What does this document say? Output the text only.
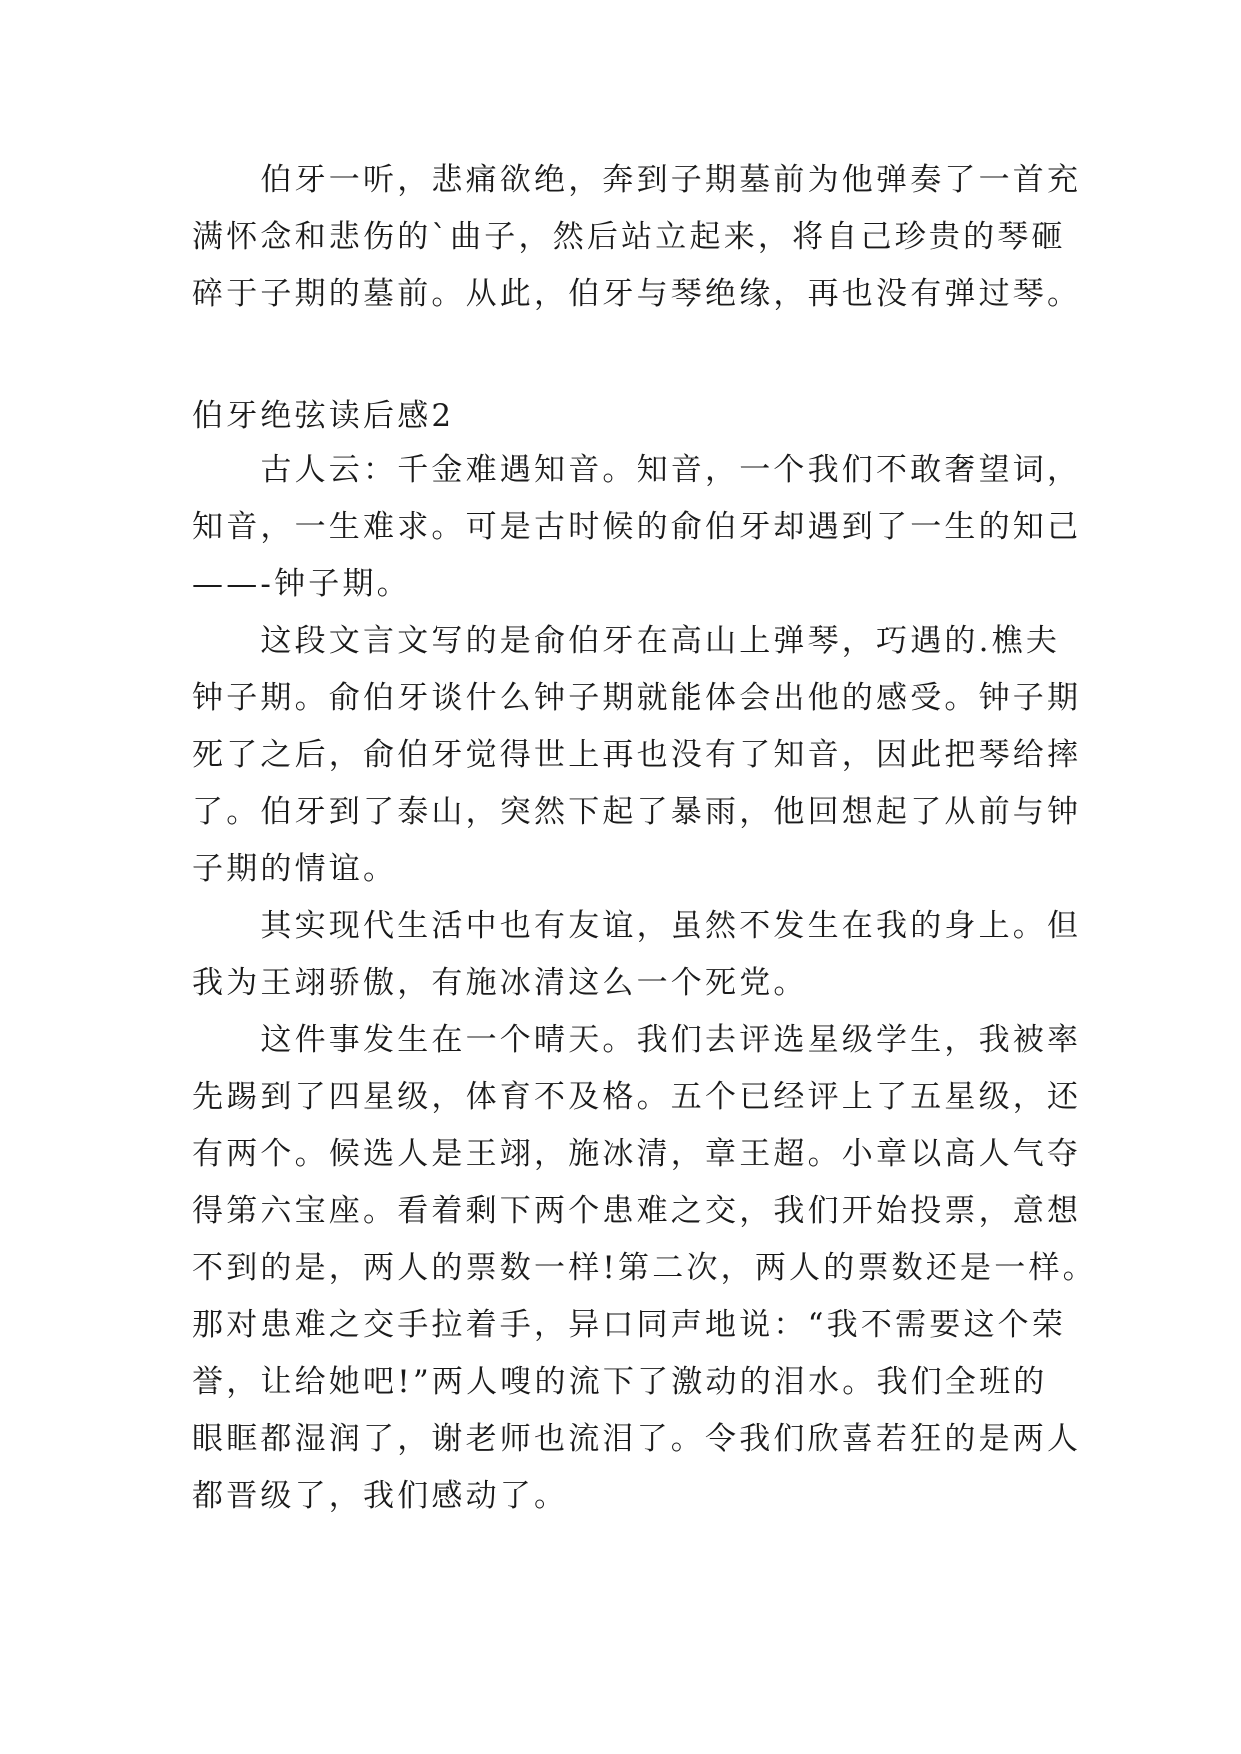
　　伯牙一听，悲痛欲绝，奔到子期墓前为他弹奏了一首充
满怀念和悲伤的`曲子，然后站立起来，将自己珍贵的琴砸
碎于子期的墓前。从此，伯牙与琴绝缘，再也没有弹过琴。
伯牙绝弦读后感2
　　古人云：千金难遇知音。知音，一个我们不敢奢望词，
知音，一生难求。可是古时候的俞伯牙却遇到了一生的知己
——-钟子期。
　　这段文言文写的是俞伯牙在高山上弹琴，巧遇的.樵夫
钟子期。俞伯牙谈什么钟子期就能体会出他的感受。钟子期
死了之后，俞伯牙觉得世上再也没有了知音，因此把琴给摔
了。伯牙到了泰山，突然下起了暴雨，他回想起了从前与钟
子期的情谊。
　　其实现代生活中也有友谊，虽然不发生在我的身上。但
我为王翊骄傲，有施冰清这么一个死党。
　　这件事发生在一个晴天。我们去评选星级学生，我被率
先踢到了四星级，体育不及格。五个已经评上了五星级，还
有两个。候选人是王翊，施冰清，章王超。小章以高人气夺
得第六宝座。看着剩下两个患难之交，我们开始投票，意想
不到的是，两人的票数一样!第二次，两人的票数还是一样。
那对患难之交手拉着手，异口同声地说：“我不需要这个荣
誉，让给她吧!”两人嗖的流下了激动的泪水。我们全班的
眼眶都湿润了，谢老师也流泪了。令我们欣喜若狂的是两人
都晋级了，我们感动了。
